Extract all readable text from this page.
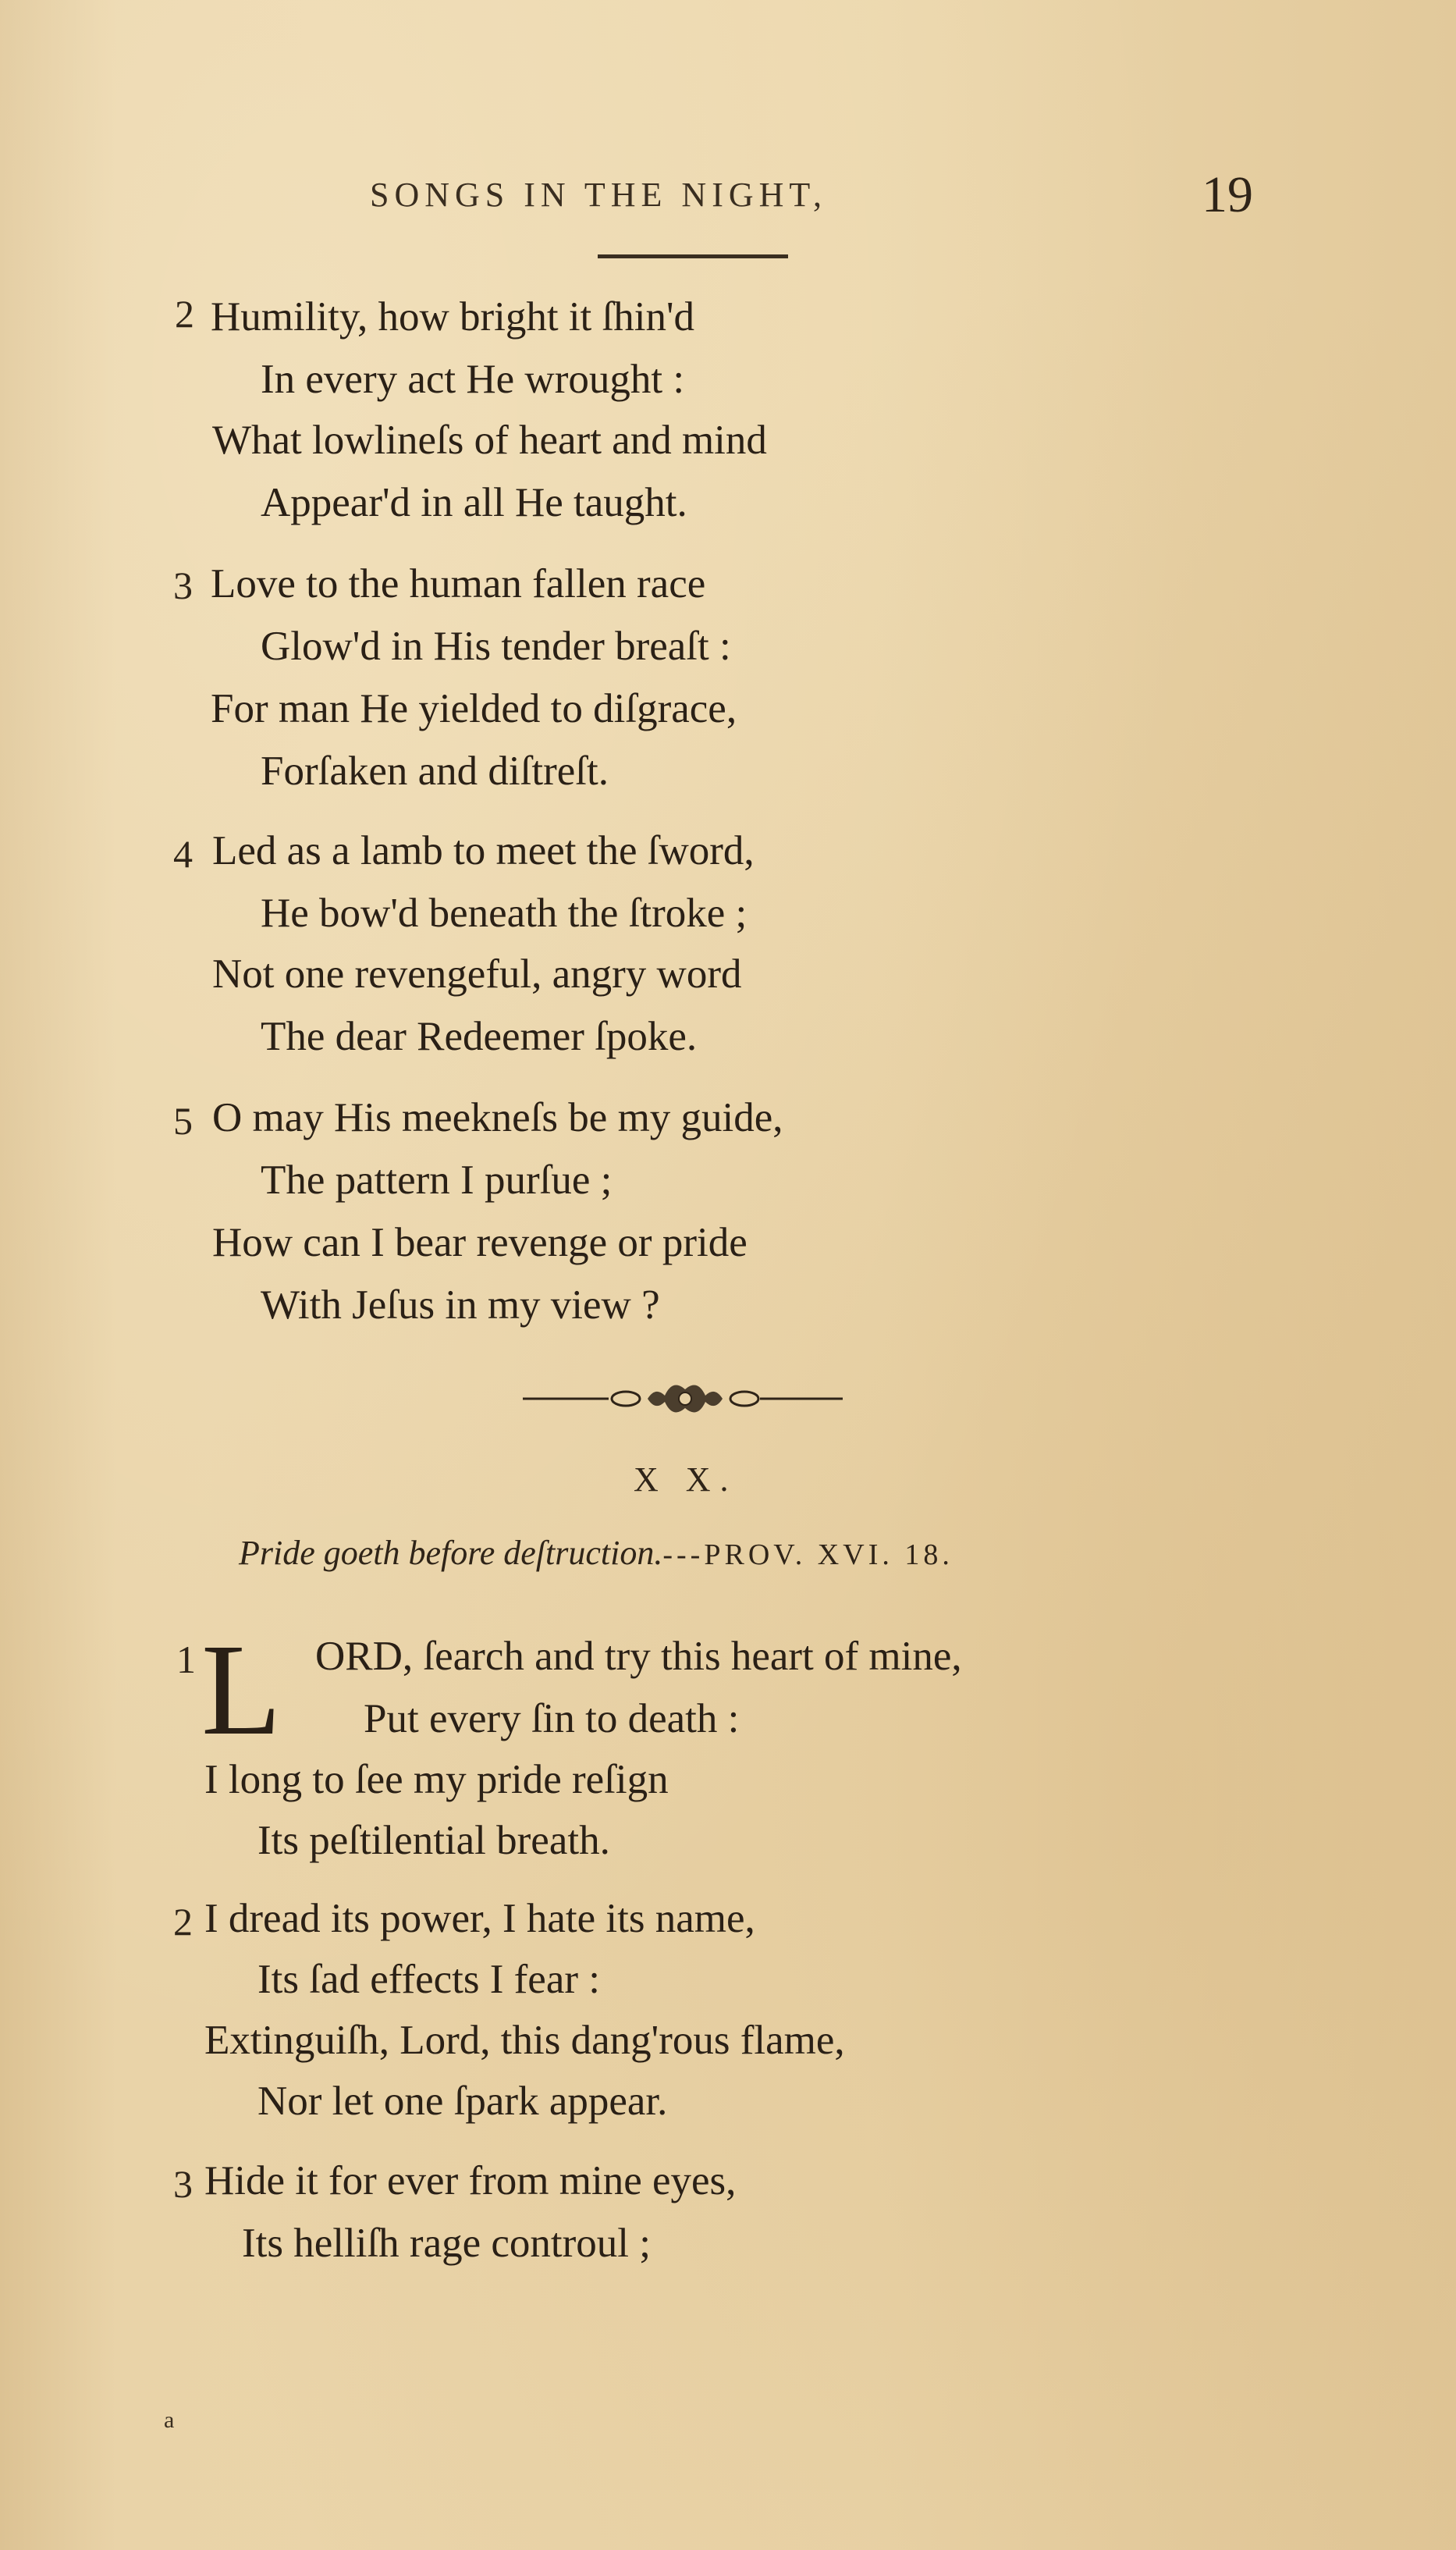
SONGS IN THE NIGHT,	19
2 Humility, how bright it ſhin'd
In every act He wrought :
What lowlineſs of heart and mind
Appear'd in all He taught.
3 Love to the human fallen race
Glow'd in His tender breaſt :
For man He yielded to diſgrace,
Forſaken and diſtreſt.
4 Led as a lamb to meet the ſword,
He bow'd beneath the ſtroke ;
Not one revengeful, angry word
The dear Redeemer ſpoke.
5 O may His meekneſs be my guide,
The pattern I purſue ;
How can I bear revenge or pride
With Jeſus in my view ?
X X.
Pride goeth before deſtruction.---PROV. XVI. 18.
1 L ORD, ſearch and try this heart of mine,
Put every ſin to death :
I long to ſee my pride reſign
Its peſtilential breath.
2 I dread its power, I hate its name,
Its ſad effects I fear :
Extinguiſh, Lord, this dang'rous flame,
Nor let one ſpark appear.
3 Hide it for ever from mine eyes,
Its helliſh rage controul ;
a
